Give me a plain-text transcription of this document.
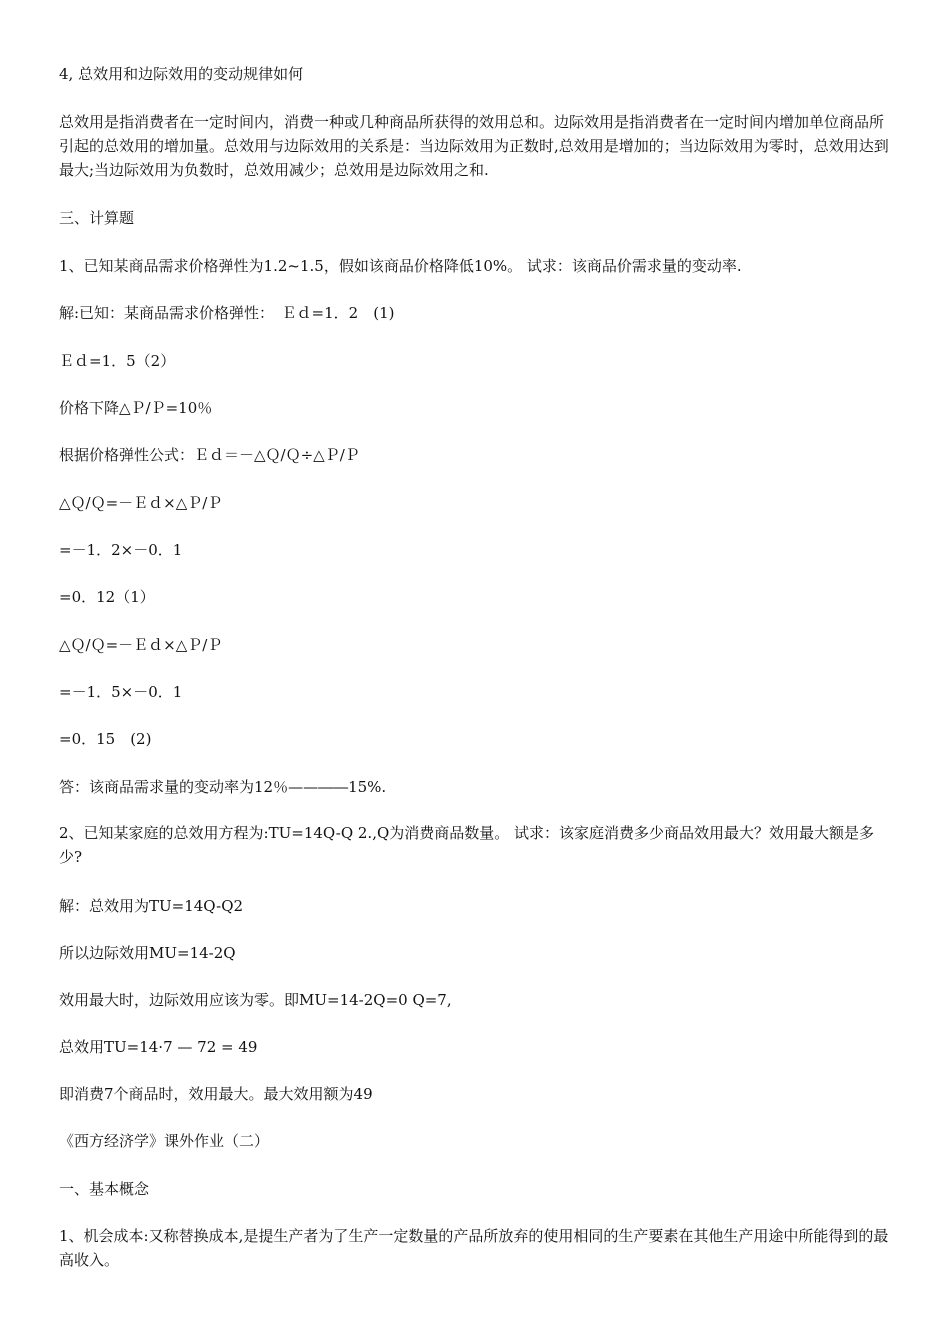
4, 总效用和边际效用的变动规律如何
总效用是指消费者在一定时间内，消费一种或几种商品所获得的效用总和。边际效用是指消费者在一定时间内增加单位商品所引起的总效用的增加量。总效用与边际效用的关系是：当边际效用为正数时,总效用是增加的；当边际效用为零时，总效用达到最大;当边际效用为负数时，总效用减少；总效用是边际效用之和.
三、计算题
1、已知某商品需求价格弹性为1.2~1.5，假如该商品价格降低10%。 试求：该商品价需求量的变动率.
解:已知：某商品需求价格弹性：　Ｅｄ=1．2　(1)
Ｅｄ=1．5（2）
价格下降△Ｐ/Ｐ=10％
根据价格弹性公式：Ｅｄ＝－△Ｑ/Ｑ÷△Ｐ/Ｐ
△Ｑ/Ｑ=－Ｅｄ×△Ｐ/Ｐ
=－1．2×－0．1
=0．12（1）
△Ｑ/Ｑ=－Ｅｄ×△Ｐ/Ｐ
=－1．5×－0．1
=0．15　(2)
答：该商品需求量的变动率为12％——――15%.
2、已知某家庭的总效用方程为:TU=14Q-Q 2.,Q为消费商品数量。 试求：该家庭消费多少商品效用最大？效用最大额是多少?
解：总效用为TU=14Q-Q2
所以边际效用MU=14-2Q
效用最大时，边际效用应该为零。即MU=14-2Q=0 Q=7,
总效用TU=14·7 — 72 = 49
即消费7个商品时，效用最大。最大效用额为49
《西方经济学》课外作业（二）
一、基本概念
1、机会成本:又称替换成本,是提生产者为了生产一定数量的产品所放弃的使用相同的生产要素在其他生产用途中所能得到的最高收入。
